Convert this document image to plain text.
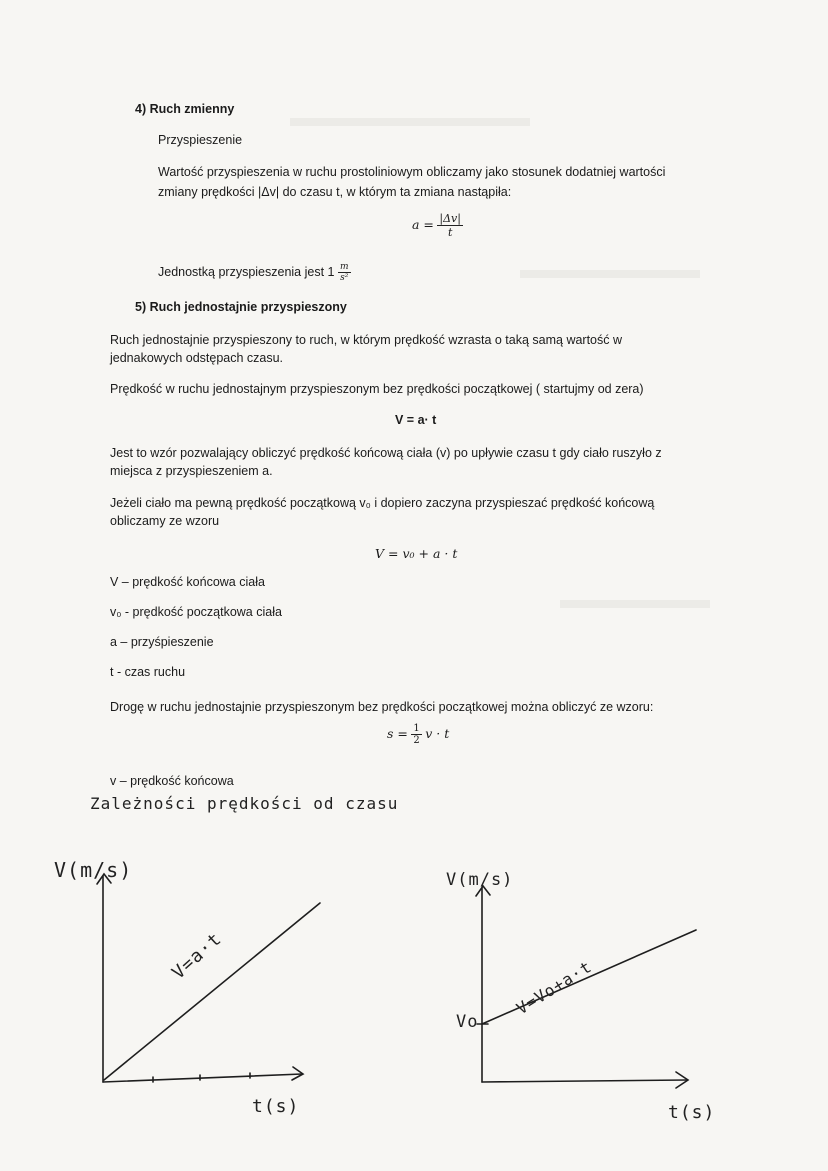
4) Ruch zmienny
Przyspieszenie
Wartość przyspieszenia w ruchu prostoliniowym obliczamy jako stosunek dodatniej wartości
zmiany prędkości |Δv| do czasu t, w którym ta zmiana nastąpiła:
$a = \frac{|\Delta v|}{t}$
Jednostką przyspieszenia jest $1 \frac{m}{\text{s²}}$
5) Ruch jednostajnie przyspieszony
Ruch jednostajnie przyspieszony to ruch, w którym prędkość wzrasta o taką samą wartość w
jednakowych odstępach czasu.
Prędkość w ruchu jednostajnym przyspieszonym bez prędkości początkowej ( startujmy od zera)
V = a· t
Jest to wzór pozwalający obliczyć prędkość końcową ciała (v) po upływie czasu t gdy ciało ruszyło z
miejsca z przyspieszeniem a.
Jeżeli ciało ma pewną prędkość początkową v₀ i dopiero zaczyna przyspieszać prędkość końcową
obliczamy ze wzoru
V = v₀ + a · t
V – prędkość końcowa ciała
v₀ - prędkość początkowa ciała
a – przyśpieszenie
t - czas ruchu
Drogę w ruchu jednostajnie przyspieszonym bez prędkości początkowej można obliczyć ze wzoru:
$s = \frac{1}{2}$ v · t
v – prędkość końcowa
Zależności prędkości od czasu
V(m/s)
V=a·t
t(s)
V(m/s)
Vo
V=Vo+a·t
t(s)
